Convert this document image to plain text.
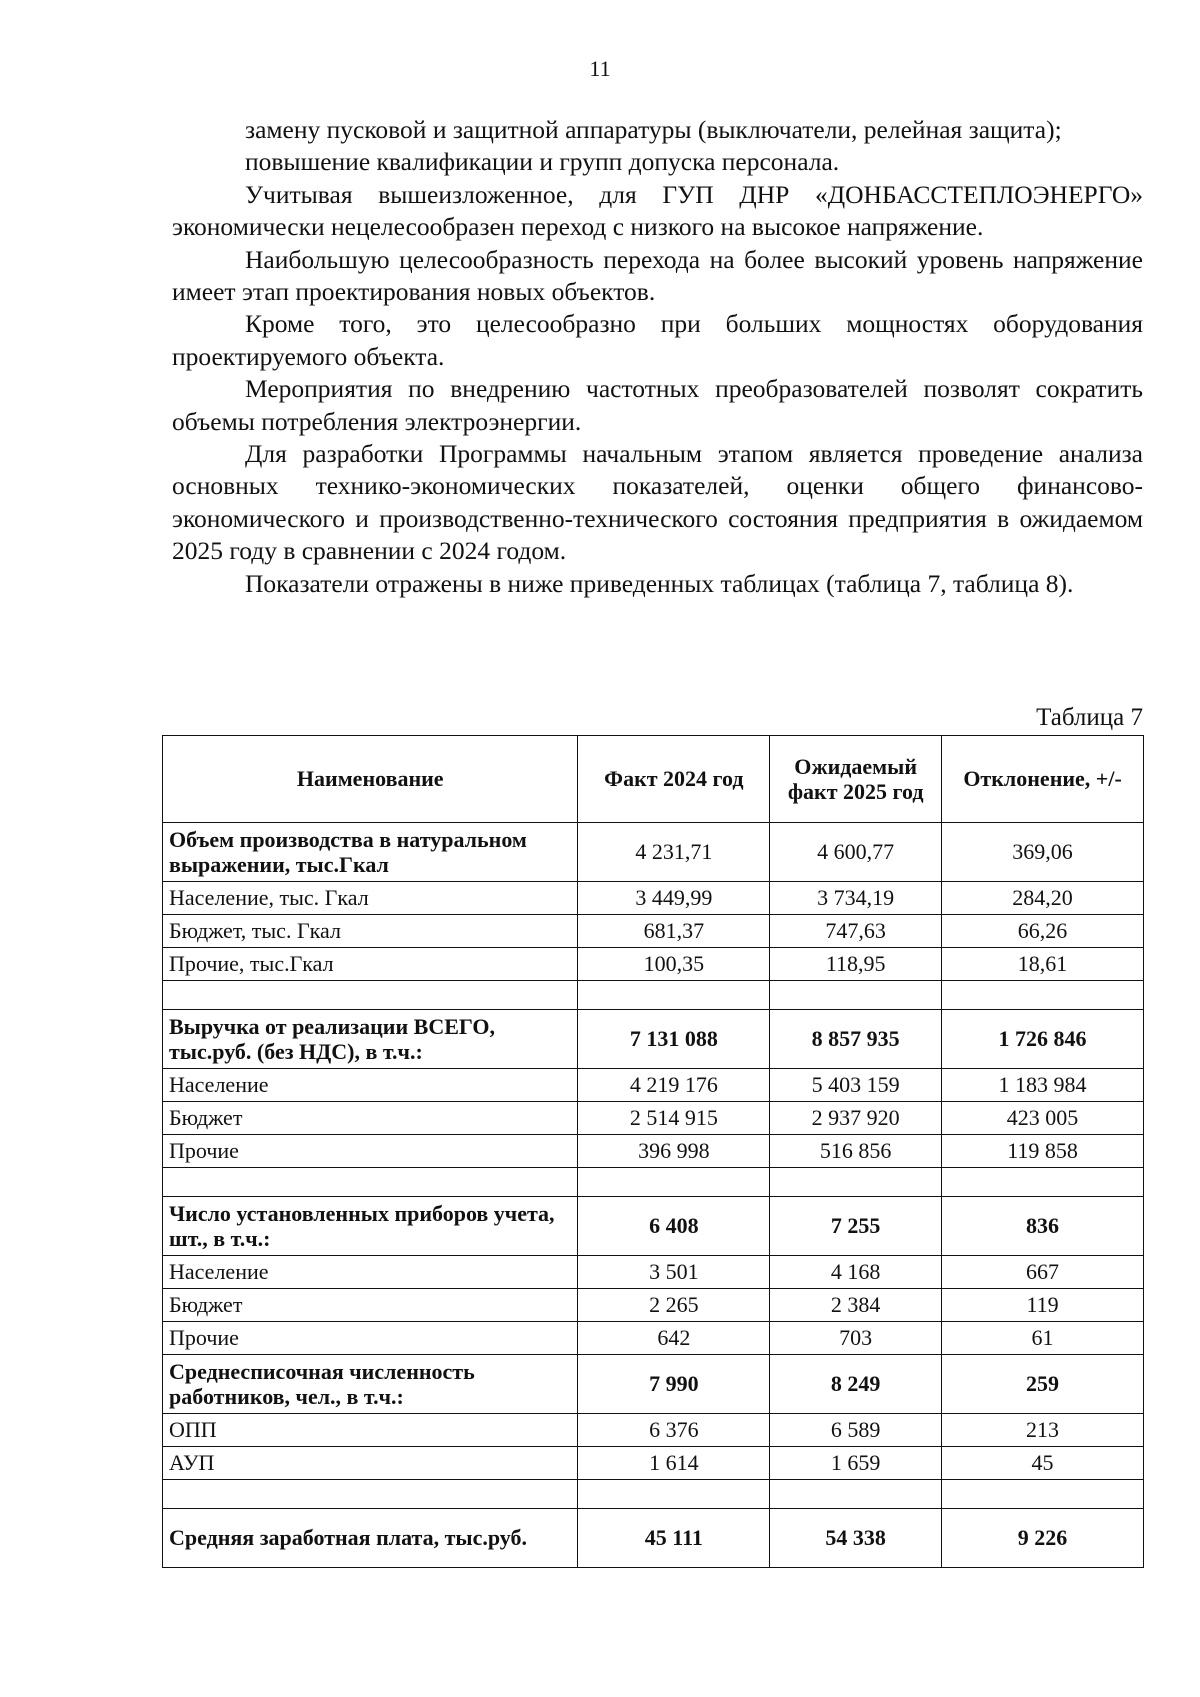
11

замену пусковой и защитной аппаратуры (выключатели, релейная защита);

повышение квалификации и групп допуска персонала.

Учитывая вышеизложенное, для ГУП ДНР «ДОНБАССТЕПЛОЭНЕРГО» экономически нецелесообразен переход с низкого на высокое напряжение.

Наибольшую целесообразность перехода на более высокий уровень напряжение имеет этап проектирования новых объектов.

Кроме того, это целесообразно при больших мощностях оборудования проектируемого объекта.

Мероприятия по внедрению частотных преобразователей позволят сократить объемы потребления электроэнергии.

Для разработки Программы начальным этапом является проведение анализа основных технико-экономических показателей, оценки общего финансово-экономического и производственно-технического состояния предприятия в ожидаемом 2025 году в сравнении с 2024 годом.

Показатели отражены в ниже приведенных таблицах (таблица 7, таблица 8).

Таблица 7
Наименование	Факт 2024 год	Ожидаемый факт 2025 год	Отклонение, +/-
Объем производства в натуральном выражении, тыс.Гкал	4 231,71	4 600,77	369,06
Население, тыс. Гкал	3 449,99	3 734,19	284,20
Бюджет, тыс. Гкал	681,37	747,63	66,26
Прочие, тыс.Гкал	100,35	118,95	18,61

Выручка от реализации ВСЕГО, тыс.руб. (без НДС), в т.ч.:	7 131 088	8 857 935	1 726 846
Население	4 219 176	5 403 159	1 183 984
Бюджет	2 514 915	2 937 920	423 005
Прочие	396 998	516 856	119 858

Число установленных приборов учета, шт., в т.ч.:	6 408	7 255	836
Население	3 501	4 168	667
Бюджет	2 265	2 384	119
Прочие	642	703	61
Среднесписочная численность работников, чел., в т.ч.:	7 990	8 249	259
ОПП	6 376	6 589	213
АУП	1 614	1 659	45

Средняя заработная плата, тыс.руб.	45 111	54 338	9 226
